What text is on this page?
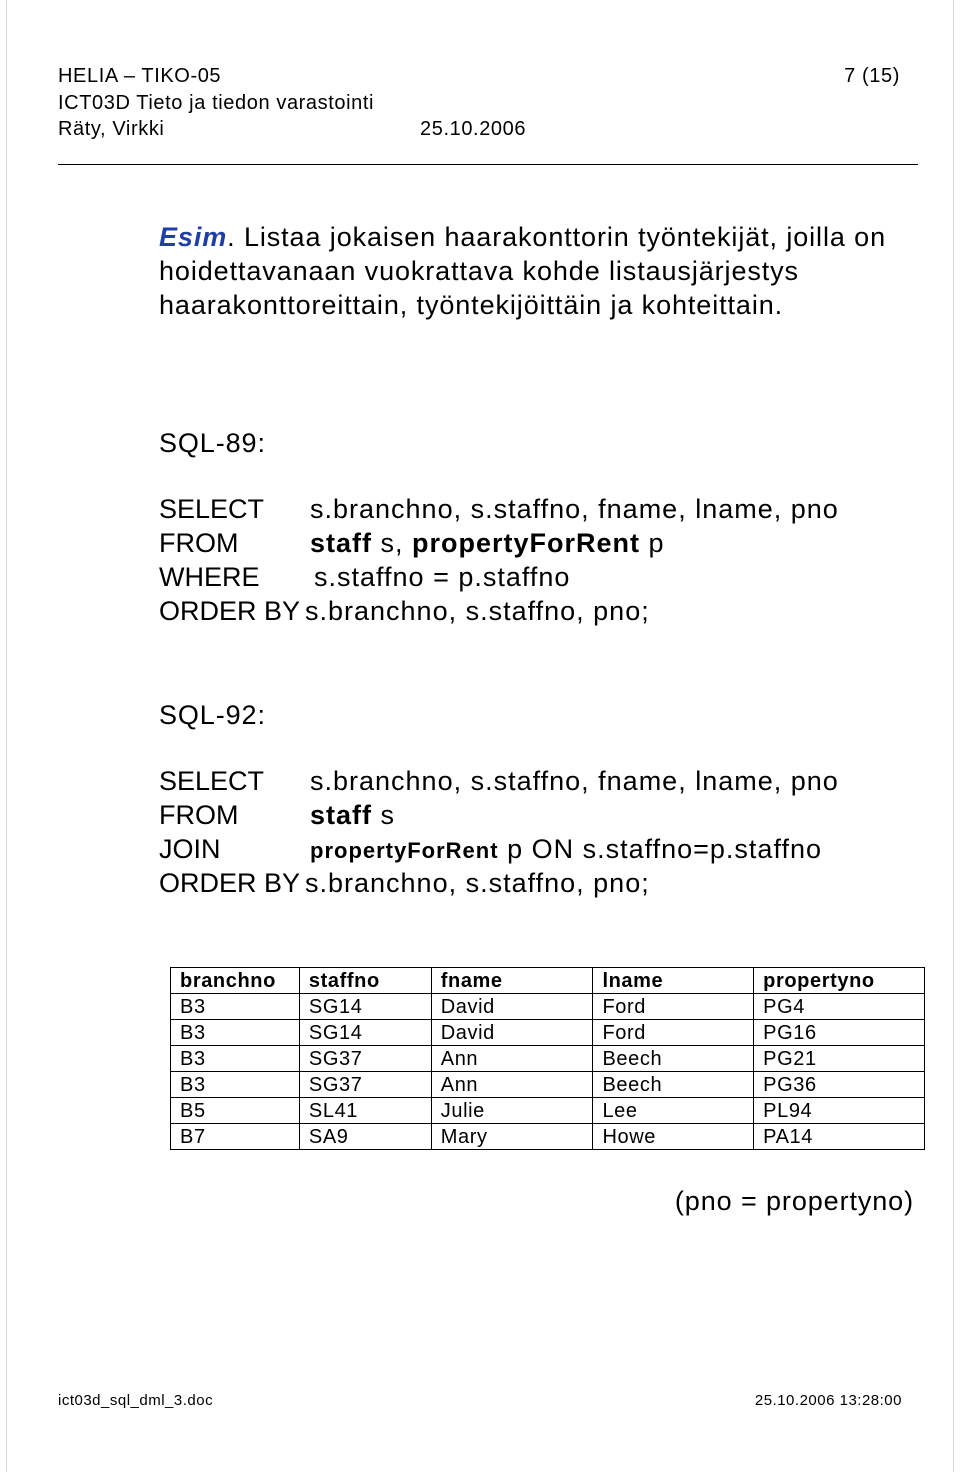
HELIA – TIKO-05	7 (15)
ICT03D Tieto ja tiedon varastointi
Räty, Virkki	25.10.2006
Esim. Listaa jokaisen haarakonttorin työntekijät, joilla on hoidettavanaan vuokrattava kohde listausjärjestys haarakonttoreittain, työntekijöittäin ja kohteittain.
SQL-89:
SELECT s.branchno, s.staffno, fname, lname, pno
FROM	staff s, propertyForRent p
WHERE s.staffno = p.staffno
ORDER BY s.branchno, s.staffno, pno;
SQL-92:
SELECT s.branchno, s.staffno, fname, lname, pno
FROM	staff s
JOIN	propertyForRent p ON s.staffno=p.staffno
ORDER BY s.branchno, s.staffno, pno;
branchno	staffno	fname	lname	propertyno
B3	SG14	David	Ford	PG4
B3	SG14	David	Ford	PG16
B3	SG37	Ann	Beech	PG21
B3	SG37	Ann	Beech	PG36
B5	SL41	Julie	Lee	PL94
B7	SA9	Mary	Howe	PA14
(pno = propertyno)
ict03d_sql_dml_3.doc	25.10.2006 13:28:00
